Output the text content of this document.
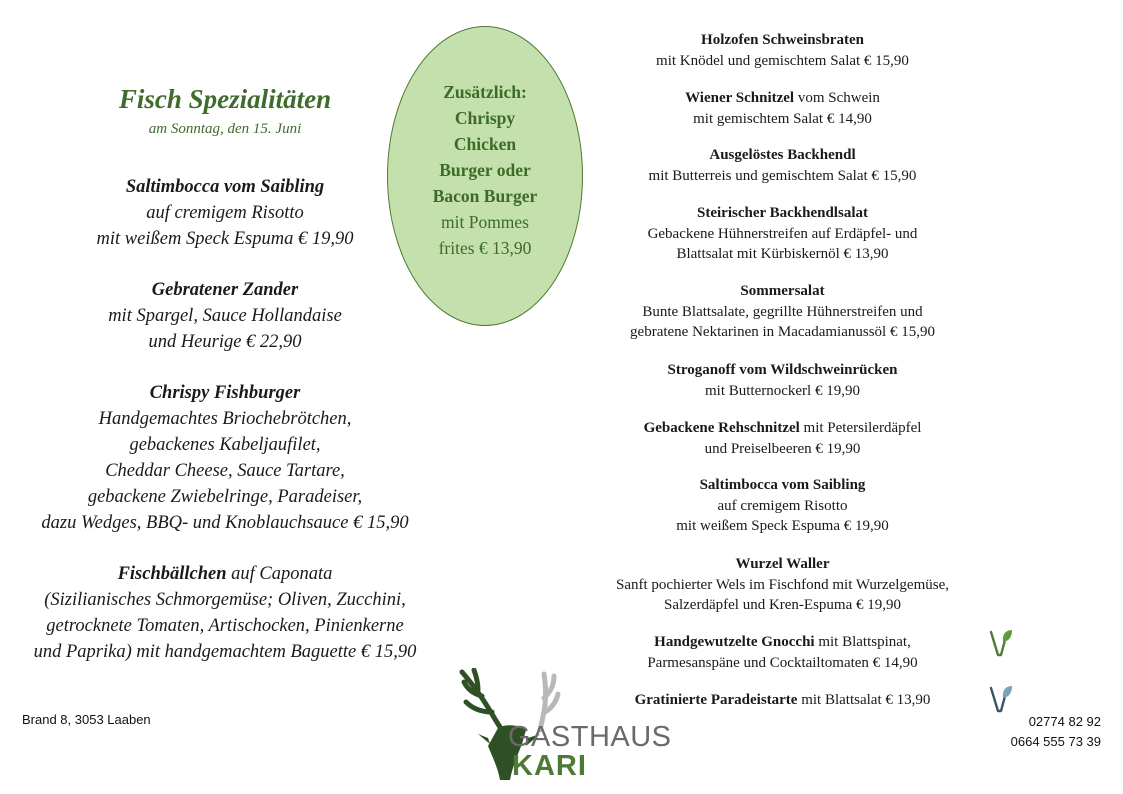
Fisch Spezialitäten
am Sonntag, den 15. Juni
Saltimbocca vom Saibling
auf cremigem Risotto
mit weißem Speck Espuma € 19,90
Gebratener Zander
mit Spargel, Sauce Hollandaise
und Heurige € 22,90
Chrispy Fishburger
Handgemachtes Briochebrötchen,
gebackenes Kabeljaufilet,
Cheddar Cheese, Sauce Tartare,
gebackene Zwiebelringe, Paradeiser,
dazu Wedges, BBQ- und Knoblauchsauce € 15,90
Fischbällchen auf Caponata
(Sizilianisches Schmorgemüse; Oliven, Zucchini,
getrocknete Tomaten, Artischocken, Pinienkerne
und Paprika) mit handgemachtem Baguette € 15,90
Zusätzlich:
Chrispy
Chicken
Burger oder
Bacon Burger
mit Pommes
frites € 13,90
Holzofen Schweinsbraten
mit Knödel und gemischtem Salat € 15,90
Wiener Schnitzel vom Schwein
mit gemischtem Salat € 14,90
Ausgelöstes Backhendl
mit Butterreis und gemischtem Salat € 15,90
Steirischer Backhendlsalat
Gebackene Hühnerstreifen auf Erdäpfel- und
Blattsalat mit Kürbiskernöl € 13,90
Sommersalat
Bunte Blattsalate, gegrillte Hühnerstreifen und
gebratene Nektarinen in Macadamianussöl € 15,90
Stroganoff vom Wildschweinrücken
mit Butternockerl € 19,90
Gebackene Rehschnitzel mit Petersilerdäpfel
und Preiselbeeren € 19,90
Saltimbocca vom Saibling
auf cremigem Risotto
mit weißem Speck Espuma € 19,90
Wurzel Waller
Sanft pochierter Wels im Fischfond mit Wurzelgemüse,
Salzerdäpfel und Kren-Espuma € 19,90
Handgewutzelte Gnocchi mit Blattspinat,
Parmesanspäne und Cocktailtomaten € 14,90
Gratinierte Paradeistarte mit Blattsalat € 13,90
Brand 8, 3053 Laaben	02774 82 92
0664 555 73 39
GASTHAUS
KARI
